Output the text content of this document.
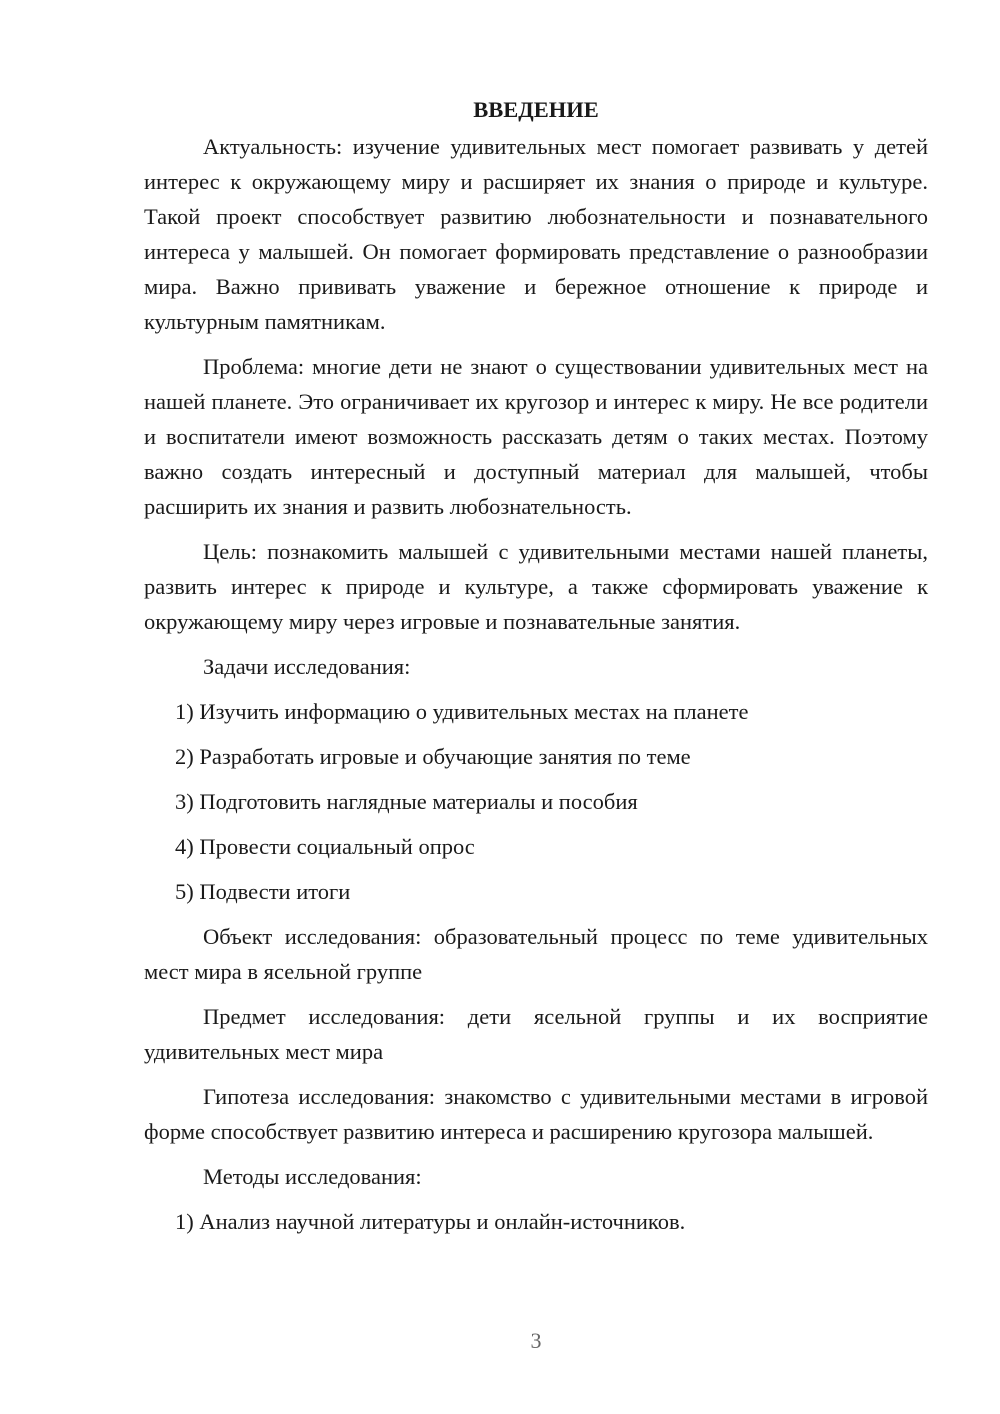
ВВЕДЕНИЕ
Актуальность: изучение удивительных мест помогает развивать у детей интерес к окружающему миру и расширяет их знания о природе и культуре. Такой проект способствует развитию любознательности и познавательного интереса у малышей. Он помогает формировать представление о разнообразии мира. Важно прививать уважение и бережное отношение к природе и культурным памятникам.
Проблема: многие дети не знают о существовании удивительных мест на нашей планете. Это ограничивает их кругозор и интерес к миру. Не все родители и воспитатели имеют возможность рассказать детям о таких местах. Поэтому важно создать интересный и доступный материал для малышей, чтобы расширить их знания и развить любознательность.
Цель: познакомить малышей с удивительными местами нашей планеты, развить интерес к природе и культуре, а также сформировать уважение к окружающему миру через игровые и познавательные занятия.
Задачи исследования:
1) Изучить информацию о удивительных местах на планете
2) Разработать игровые и обучающие занятия по теме
3) Подготовить наглядные материалы и пособия
4) Провести социальный опрос
5) Подвести итоги
Объект исследования: образовательный процесс по теме удивительных мест мира в ясельной группе
Предмет исследования: дети ясельной группы и их восприятие удивительных мест мира
Гипотеза исследования: знакомство с удивительными местами в игровой форме способствует развитию интереса и расширению кругозора малышей.
Методы исследования:
1) Анализ научной литературы и онлайн-источников.
3
